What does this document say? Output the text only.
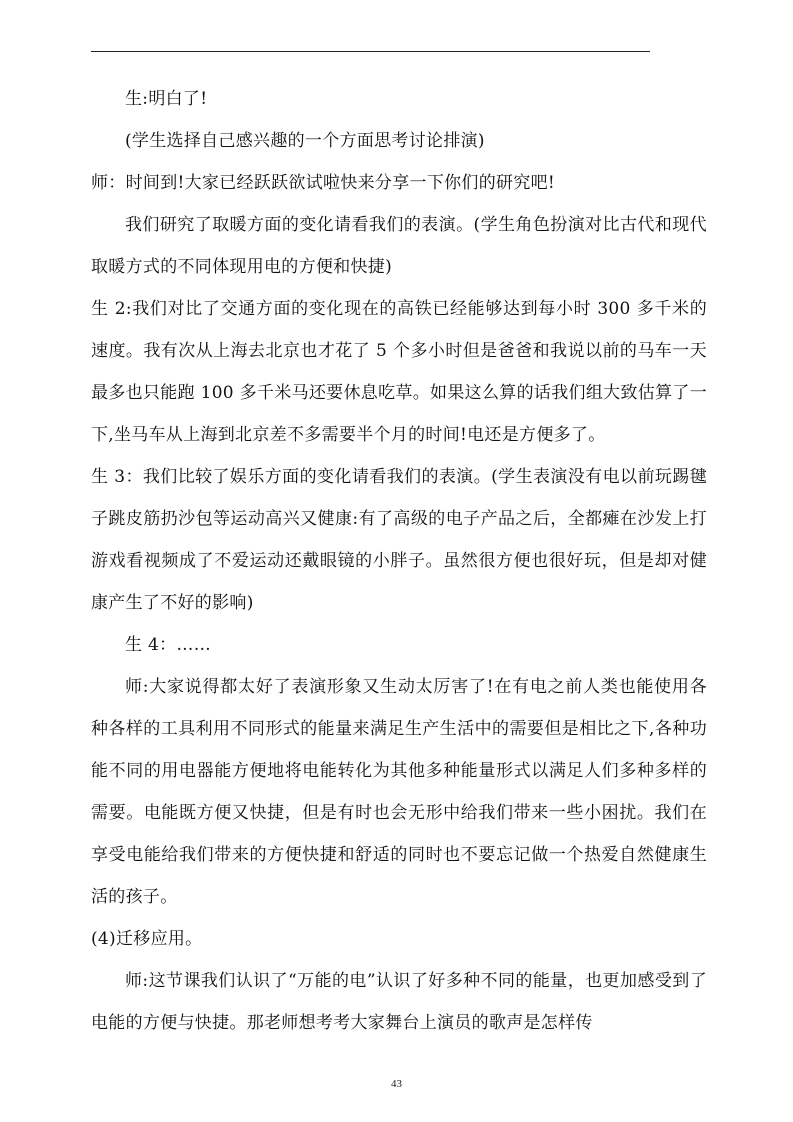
生:明白了!

(学生选择自己感兴趣的一个方面思考讨论排演)

师：时间到!大家已经跃跃欲试啦快来分享一下你们的研究吧!

我们研究了取暖方面的变化请看我们的表演。(学生角色扮演对比古代和现代取暖方式的不同体现用电的方便和快捷)

生 2:我们对比了交通方面的变化现在的高铁已经能够达到每小时 300 多千米的速度。我有次从上海去北京也才花了 5 个多小时但是爸爸和我说以前的马车一天最多也只能跑 100 多千米马还要休息吃草。如果这么算的话我们组大致估算了一下,坐马车从上海到北京差不多需要半个月的时间!电还是方便多了。

生 3：我们比较了娱乐方面的变化请看我们的表演。(学生表演没有电以前玩踢毽子跳皮筋扔沙包等运动高兴又健康:有了高级的电子产品之后，全都瘫在沙发上打游戏看视频成了不爱运动还戴眼镜的小胖子。虽然很方便也很好玩，但是却对健康产生了不好的影响)

生 4：……

师:大家说得都太好了表演形象又生动太厉害了!在有电之前人类也能使用各种各样的工具利用不同形式的能量来满足生产生活中的需要但是相比之下,各种功能不同的用电器能方便地将电能转化为其他多种能量形式以满足人们多种多样的需要。电能既方便又快捷，但是有时也会无形中给我们带来一些小困扰。我们在享受电能给我们带来的方便快捷和舒适的同时也不要忘记做一个热爱自然健康生活的孩子。

(4)迁移应用。

师:这节课我们认识了“万能的电”认识了好多种不同的能量，也更加感受到了电能的方便与快捷。那老师想考考大家舞台上演员的歌声是怎样传

43
